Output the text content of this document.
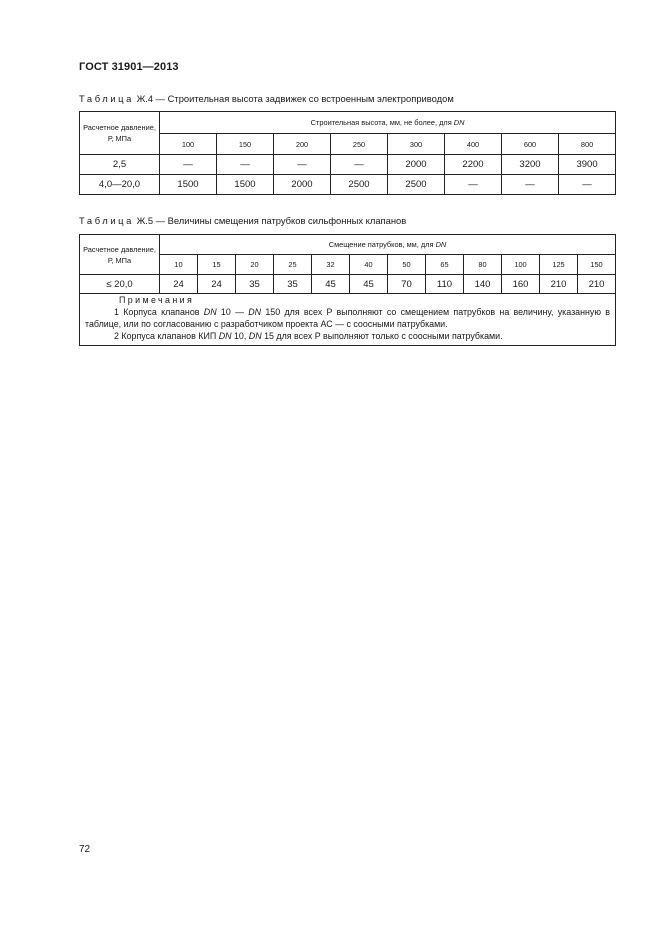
ГОСТ 31901—2013
Таблица Ж.4 — Строительная высота задвижек со встроенным электроприводом
Расчетное давление, Р, МПа	Строительная высота, мм, не более, для DN							
	100	150	200	250	300	400	600	800
2,5	—	—	—	—	2000	2200	3200	3900
4,0—20,0	1500	1500	2000	2500	2500	—	—	—
Таблица Ж.5 — Величины смещения патрубков сильфонных клапанов
Расчетное давление, Р, МПа	Смещение патрубков, мм, для DN											
	10	15	20	25	32	40	50	65	80	100	125	150
≤ 20,0	24	24	35	35	45	45	70	110	140	160	210	210

Примечания
1 Корпуса клапанов DN 10 — DN 150 для всех P выполняют со смещением патрубков на величину, указанную в таблице, или по согласованию с разработчиком проекта АС — с соосными патрубками.
2 Корпуса клапанов КИП DN 10, DN 15 для всех P выполняют только с соосными патрубками.												
72
